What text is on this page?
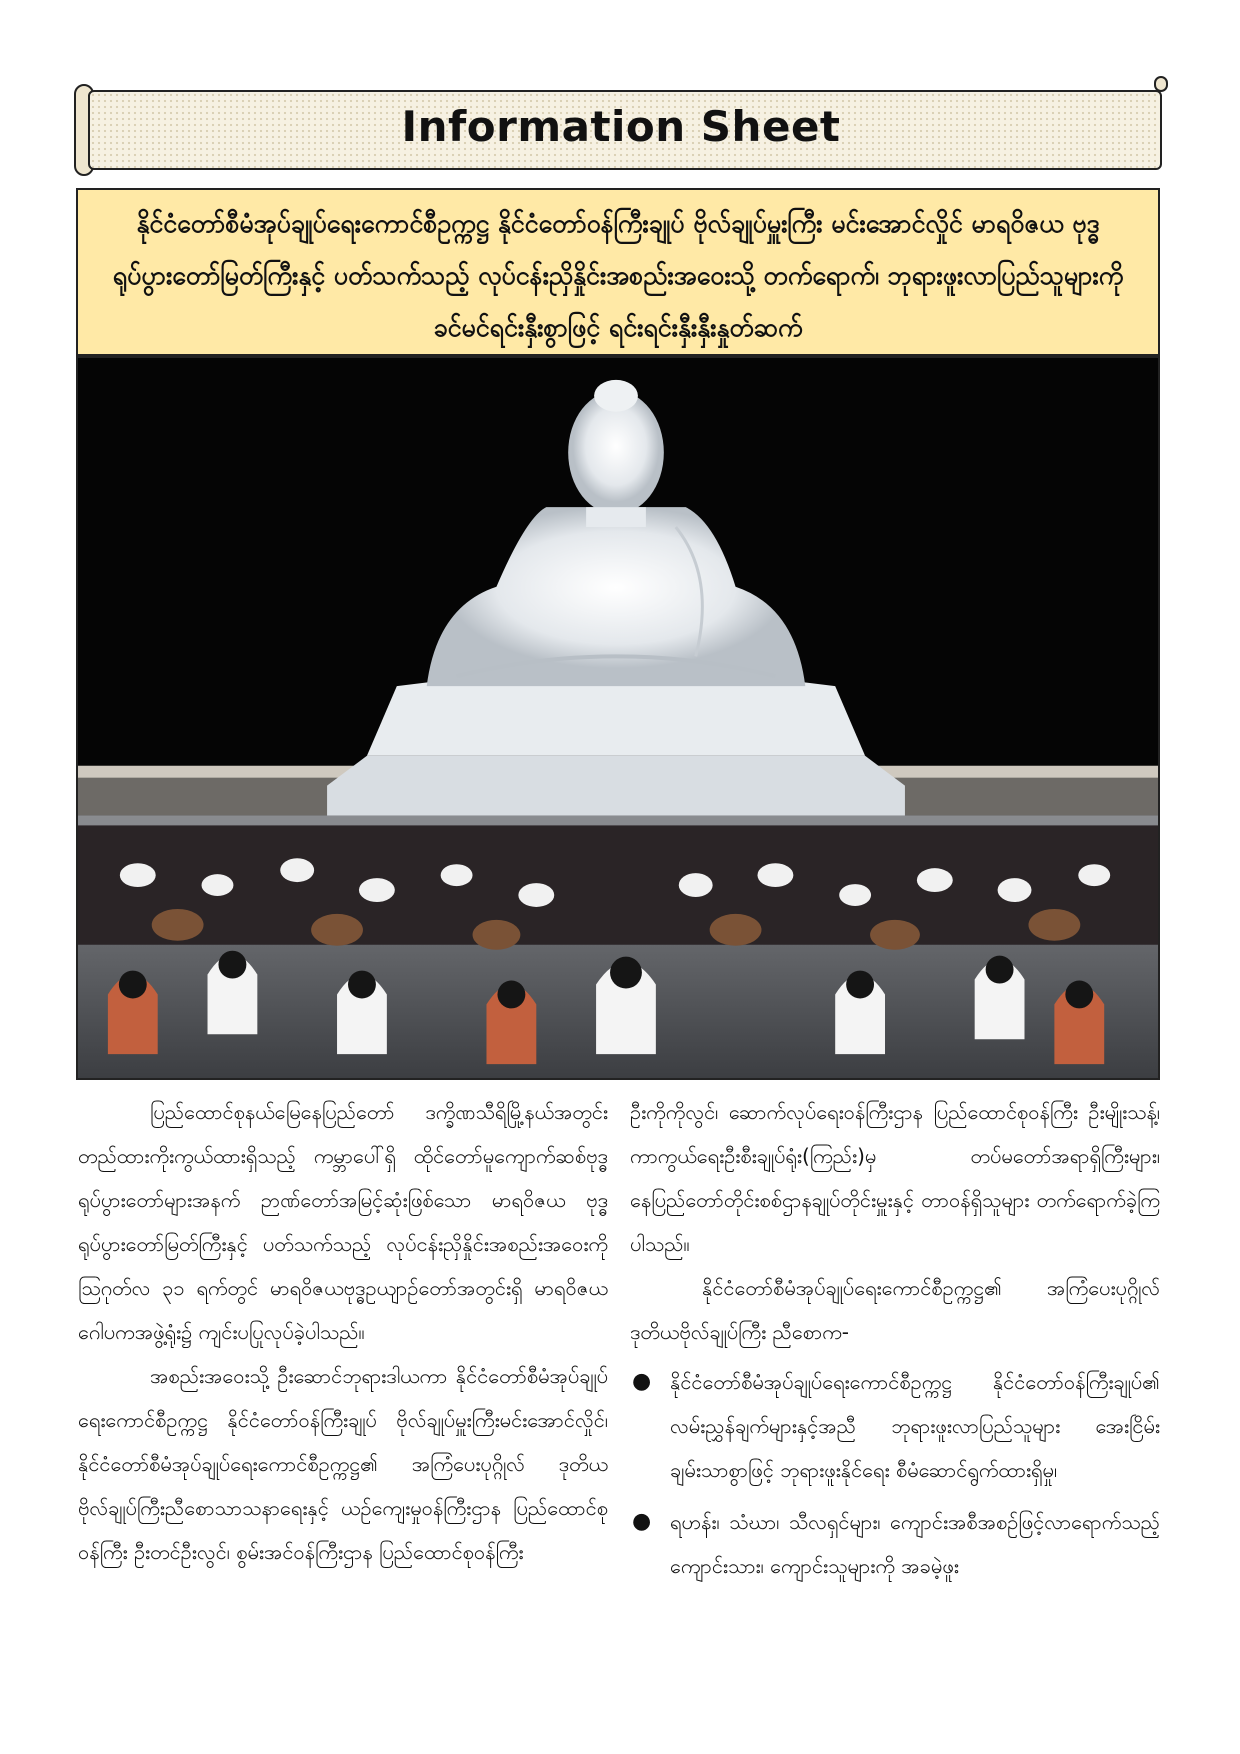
Information Sheet
နိုင်ငံတော်စီမံအုပ်ချုပ်ရေးကောင်စီဥက္ကဋ္ဌ နိုင်ငံတော်ဝန်ကြီးချုပ် ဗိုလ်ချုပ်မှူးကြီး မင်းအောင်လှိုင် မာရဝိဇယ ဗုဒ္ဓရုပ်ပွားတော်မြတ်ကြီးနှင့် ပတ်သက်သည့် လုပ်ငန်းညှိနှိုင်းအစည်းအဝေးသို့ တက်ရောက်၊ ဘုရားဖူးလာပြည်သူများကို ခင်မင်ရင်းနှီးစွာဖြင့် ရင်းရင်းနှီးနှီးနှုတ်ဆက်

ပြည်ထောင်စုနယ်မြေနေပြည်တော် ဒက္ခိဏသီရိမြို့နယ်အတွင်း တည်ထားကိုးကွယ်ထားရှိသည့် ကမ္ဘာပေါ်ရှိ ထိုင်တော်မူကျောက်ဆစ်ဗုဒ္ဓရုပ်ပွားတော်များအနက် ဉာဏ်တော်အမြင့်ဆုံးဖြစ်သော မာရဝိဇယ ဗုဒ္ဓရုပ်ပွားတော်မြတ်ကြီးနှင့် ပတ်သက်သည့် လုပ်ငန်းညှိနှိုင်းအစည်းအဝေးကို ဩဂုတ်လ ၃၁ ရက်တွင် မာရဝိဇယဗုဒ္ဓဥယျာဉ်တော်အတွင်းရှိ မာရဝိဇယ ဂေါပကအဖွဲ့ရုံး၌ ကျင်းပပြုလုပ်ခဲ့ပါသည်။

အစည်းအဝေးသို့ ဦးဆောင်ဘုရားဒါယကာ နိုင်ငံတော်စီမံအုပ်ချုပ်ရေးကောင်စီဥက္ကဋ္ဌ နိုင်ငံတော်ဝန်ကြီးချုပ် ဗိုလ်ချုပ်မှူးကြီးမင်းအောင်လှိုင်၊ နိုင်ငံတော်စီမံအုပ်ချုပ်ရေးကောင်စီဥက္ကဋ္ဌ၏ အကြံပေးပုဂ္ဂိုလ် ဒုတိယဗိုလ်ချုပ်ကြီးညီစောသာသနာရေးနှင့် ယဉ်ကျေးမှုဝန်ကြီးဌာန ပြည်ထောင်စုဝန်ကြီး ဦးတင်ဦးလွင်၊ စွမ်းအင်ဝန်ကြီးဌာန ပြည်ထောင်စုဝန်ကြီး

ဦးကိုကိုလွင်၊ ဆောက်လုပ်ရေးဝန်ကြီးဌာန ပြည်ထောင်စုဝန်ကြီး ဦးမျိုးသန့်၊ ကာကွယ်ရေးဦးစီးချုပ်ရုံး(ကြည်း)မှ တပ်မတော်အရာရှိကြီးများ၊ နေပြည်တော်တိုင်းစစ်ဌာနချုပ်တိုင်းမှူးနှင့် တာဝန်ရှိသူများ တက်ရောက်ခဲ့ကြပါသည်။

နိုင်ငံတော်စီမံအုပ်ချုပ်ရေးကောင်စီဥက္ကဋ္ဌ၏ အကြံပေးပုဂ္ဂိုလ် ဒုတိယဗိုလ်ချုပ်ကြီး ညီစောက-

● နိုင်ငံတော်စီမံအုပ်ချုပ်ရေးကောင်စီဥက္ကဋ္ဌ နိုင်ငံတော်ဝန်ကြီးချုပ်၏ လမ်းညွှန်ချက်များနှင့်အညီ ဘုရားဖူးလာပြည်သူများ အေးငြိမ်းချမ်းသာစွာဖြင့် ဘုရားဖူးနိုင်ရေး စီမံဆောင်ရွက်ထားရှိမှု၊
● ရဟန်း၊ သံဃာ၊ သီလရှင်များ၊ ကျောင်းအစီအစဉ်ဖြင့်လာရောက်သည့် ကျောင်းသား၊ ကျောင်းသူများကို အခမဲ့ဖူး
